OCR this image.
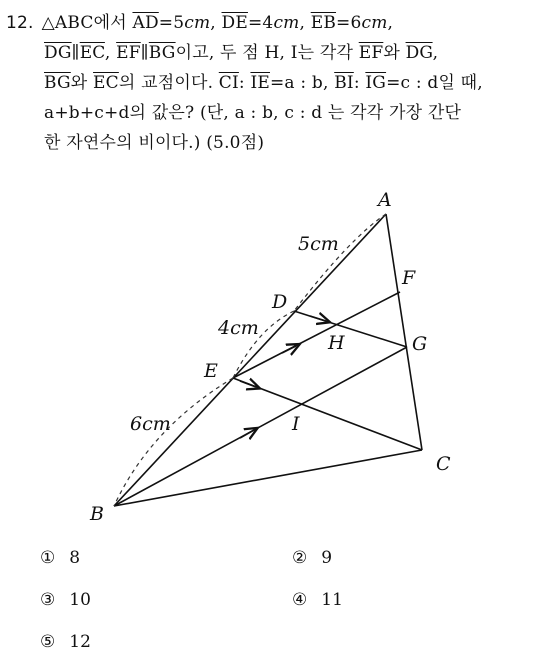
12. △ABC에서 $\overline{AD}=5cm$, $\overline{DE}=4cm$, $\overline{EB}=6cm$,
$\overline{DG}\parallel\overline{EC}$, $\overline{EF}\parallel\overline{BG}$이고, 두 점 H, I는 각각 $\overline{EF}$와 $\overline{DG}$,
$\overline{BG}$와 $\overline{EC}$의 교점이다. $\overline{CI}$: $\overline{IE}=a$ : b, $\overline{BI}$: $\overline{IG}=c$ : d일 때,
a+b+c+d의 값은? (단, a : b, c : d 는 각각 가장 간단
한 자연수의 비이다.) (5.0점)
A
B
C
D
E
F
G
H
I
5cm
4cm
6cm
① 8	② 9
③ 10	④ 11
⑤ 12
